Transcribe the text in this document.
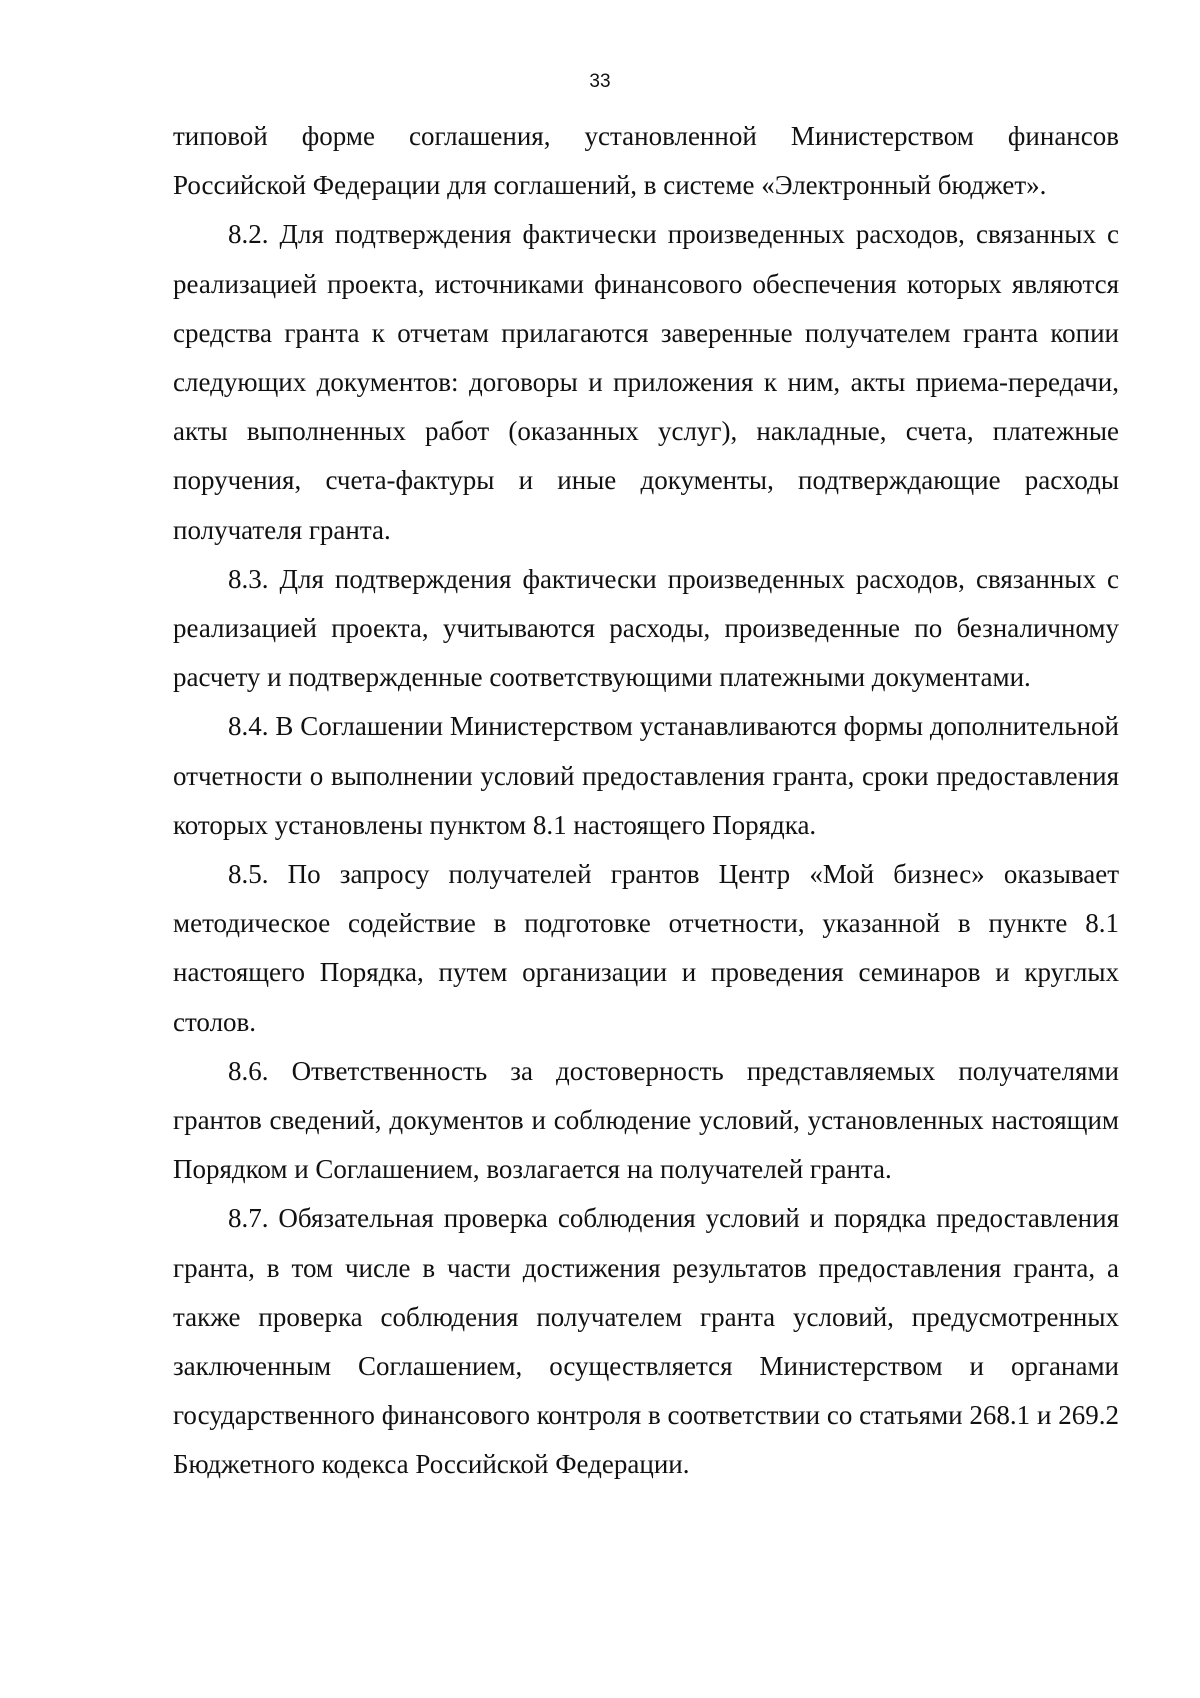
33

типовой форме соглашения, установленной Министерством финансов Российской Федерации для соглашений, в системе «Электронный бюджет».

8.2. Для подтверждения фактически произведенных расходов, связанных с реализацией проекта, источниками финансового обеспечения которых являются средства гранта к отчетам прилагаются заверенные получателем гранта копии следующих документов: договоры и приложения к ним, акты приема-передачи, акты выполненных работ (оказанных услуг), накладные, счета, платежные поручения, счета-фактуры и иные документы, подтверждающие расходы получателя гранта.

8.3. Для подтверждения фактически произведенных расходов, связанных с реализацией проекта, учитываются расходы, произведенные по безналичному расчету и подтвержденные соответствующими платежными документами.

8.4. В Соглашении Министерством устанавливаются формы дополнительной отчетности о выполнении условий предоставления гранта, сроки предоставления которых установлены пунктом 8.1 настоящего Порядка.

8.5. По запросу получателей грантов Центр «Мой бизнес» оказывает методическое содействие в подготовке отчетности, указанной в пункте 8.1 настоящего Порядка, путем организации и проведения семинаров и круглых столов.

8.6. Ответственность за достоверность представляемых получателями грантов сведений, документов и соблюдение условий, установленных настоящим Порядком и Соглашением, возлагается на получателей гранта.

8.7. Обязательная проверка соблюдения условий и порядка предоставления гранта, в том числе в части достижения результатов предоставления гранта, а также проверка соблюдения получателем гранта условий, предусмотренных заключенным Соглашением, осуществляется Министерством и органами государственного финансового контроля в соответствии со статьями 268.1 и 269.2 Бюджетного кодекса Российской Федерации.
